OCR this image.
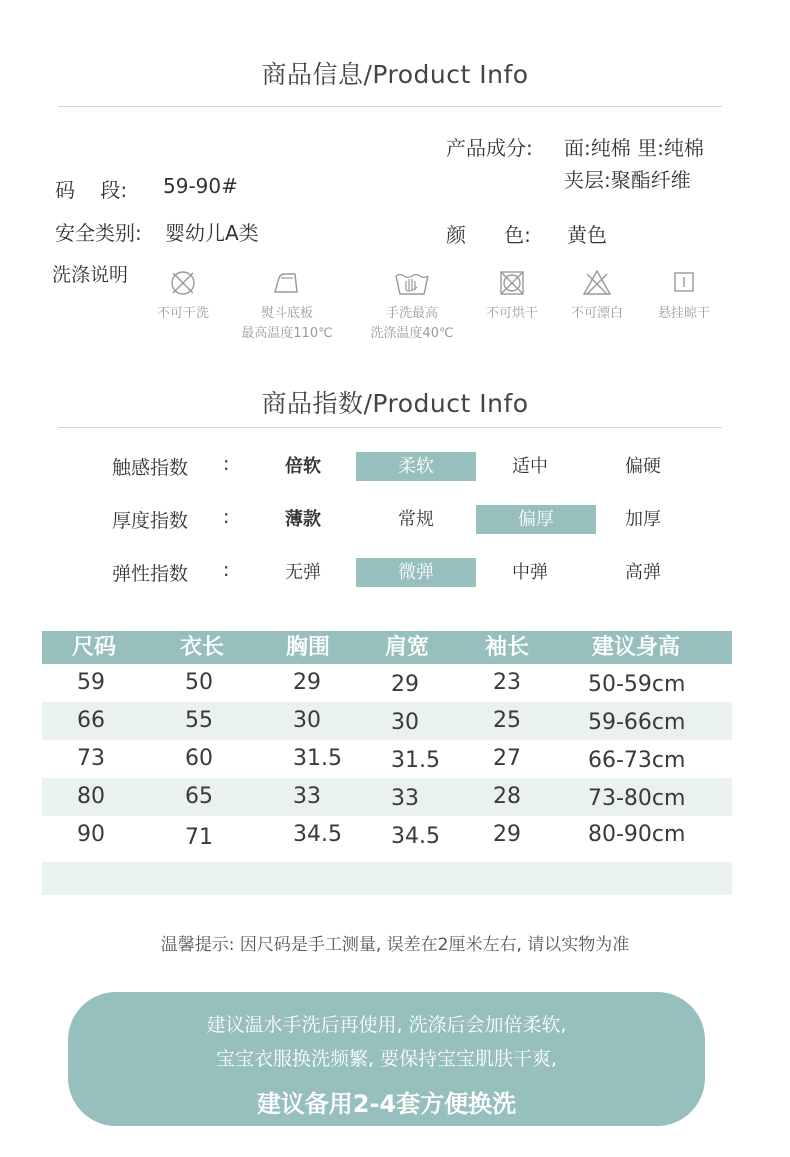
商品信息/Product Info
产品成分: 面:纯棉 里:纯棉
夹层:聚酯纤维
码    段: 59-90#
安全类别: 婴幼儿A类	颜      色: 黄色
洗涤说明
不可干洗	熨斗底板
最高温度110℃
手洗最高
洗涤温度40℃
不可烘干	不可漂白	悬挂晾干
商品指数/Product Info
触感指数 :	倍软	柔软	适中	偏硬
厚度指数 :	薄款	常规	偏厚	加厚
弹性指数 :	无弹	微弹	中弹	高弹
尺码	衣长	胸围 肩宽	袖长	建议身高
59	50	29	29	23	50-59cm
66	55	30	30	25	59-66cm
73	60	31.5 31.5 27	66-73cm
80	65	33	33	28	73-80cm
90	71	34.5 34.5 29	80-90cm
温馨提示: 因尺码是手工测量, 误差在2厘米左右, 请以实物为准
建议温水手洗后再使用, 洗涤后会加倍柔软,
宝宝衣服换洗频繁, 要保持宝宝肌肤干爽,
建议备用2-4套方便换洗
